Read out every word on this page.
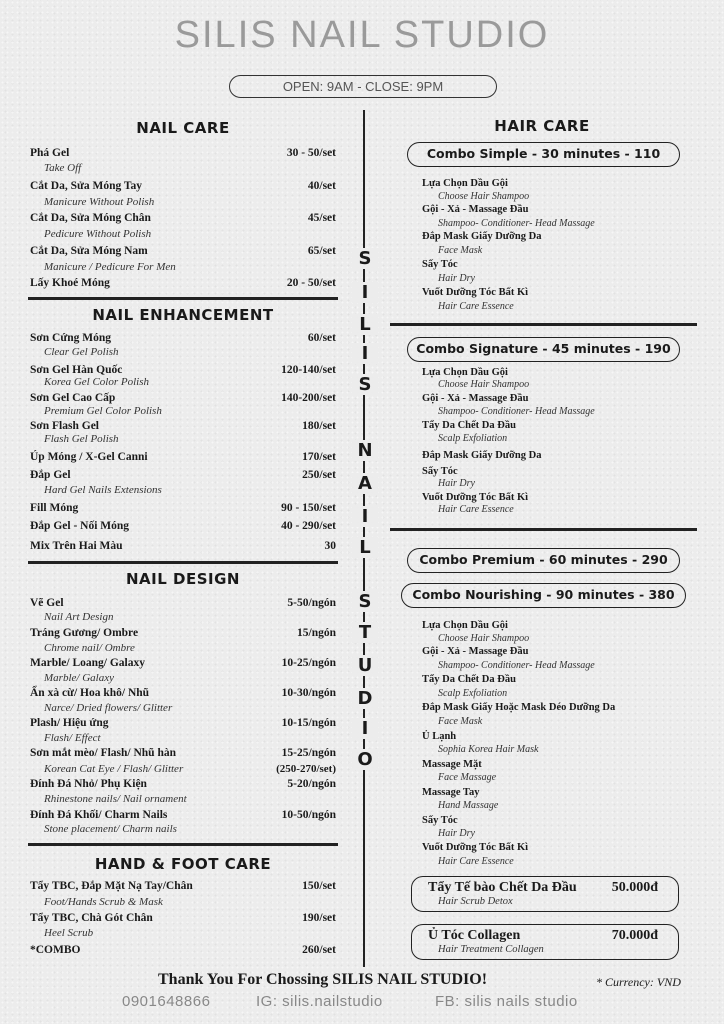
SILIS NAIL STUDIO
OPEN: 9AM - CLOSE: 9PM
S
I
L
I
S
N
A
I
L
S
T
U
D
I
O
NAIL CARE
Phá Gel	30 - 50/set
Take Off
Cắt Da, Sửa Móng Tay	40/set
Manicure Without Polish
Cắt Da, Sửa Móng Chân	45/set
Pedicure Without Polish
Cắt Da, Sửa Móng Nam	65/set
Manicure / Pedicure For Men
Lấy Khoé Móng	20 - 50/set
NAIL ENHANCEMENT
Sơn Cứng Móng	60/set
Clear Gel Polish
Sơn Gel Hàn Quốc	120-140/set
Korea Gel Color Polish
Sơn Gel Cao Cấp	140-200/set
Premium Gel Color Polish
Sơn Flash Gel	180/set
Flash Gel Polish
Úp Móng / X-Gel Canni	170/set
Đắp Gel	250/set
Hard Gel Nails Extensions
Fill Móng	90 - 150/set
Đắp Gel - Nối Móng	40 - 290/set
Mix Trên Hai Màu	30
NAIL DESIGN
Vẽ Gel	5-50/ngón
Nail Art Design
Tráng Gương/ Ombre	15/ngón
Chrome nail/ Ombre
Marble/ Loang/ Galaxy	10-25/ngón
Marble/ Galaxy
Ẩn xà cừ/ Hoa khô/ Nhũ	10-30/ngón
Narce/ Dried flowers/ Glitter
Plash/ Hiệu ứng	10-15/ngón
Flash/ Effect
Sơn mắt mèo/ Flash/ Nhũ hàn	15-25/ngón
Korean Cat Eye / Flash/ Glitter	(250-270/set)
Đính Đá Nhỏ/ Phụ Kiện	5-20/ngón
Rhinestone nails/ Nail ornament
Đính Đá Khối/ Charm Nails	10-50/ngón
Stone placement/ Charm nails
HAND & FOOT CARE
Tẩy TBC, Đắp Mặt Nạ Tay/Chân	150/set
Foot/Hands Scrub & Mask
Tẩy TBC, Chà Gót Chân	190/set
Heel Scrub
*COMBO	260/set
HAIR CARE
Combo Simple - 30 minutes - 110
Lựa Chọn Dầu Gội
Choose Hair Shampoo
Gội - Xả - Massage Đầu
Shampoo- Conditioner- Head Massage
Đắp Mask Giấy Dưỡng Da
Face Mask
Sấy Tóc
Hair Dry
Vuốt Dưỡng Tóc Bất Kì
Hair Care Essence
Combo Signature - 45 minutes - 190
Lựa Chọn Dầu Gội
Choose Hair Shampoo
Gội - Xả - Massage Đầu
Shampoo- Conditioner- Head Massage
Tẩy Da Chết Da Đầu
Scalp Exfoliation
Đắp Mask Giấy Dưỡng Da
Sấy Tóc
Hair Dry
Vuốt Dưỡng Tóc Bất Kì
Hair Care Essence
Combo Premium - 60 minutes - 290
Combo Nourishing - 90 minutes - 380
Lựa Chọn Dầu Gội
Choose Hair Shampoo
Gội - Xả - Massage Đầu
Shampoo- Conditioner- Head Massage
Tẩy Da Chết Da Đầu
Scalp Exfoliation
Đắp Mask Giấy Hoặc Mask Déo Dưỡng Da
Face Mask
Ủ Lạnh
Sophia Korea Hair Mask
Massage Mặt
Face Massage
Massage Tay
Hand Massage
Sấy Tóc
Hair Dry
Vuốt Dưỡng Tóc Bất Kì
Hair Care Essence
Tẩy Tế bào Chết Da Đầu	50.000đ
Hair Scrub Detox
Ủ Tóc Collagen	70.000đ
Hair Treatment Collagen
Thank You For Chossing SILIS NAIL STUDIO!	* Currency: VND
0901648866	IG: silis.nailstudio	FB: silis nails studio
